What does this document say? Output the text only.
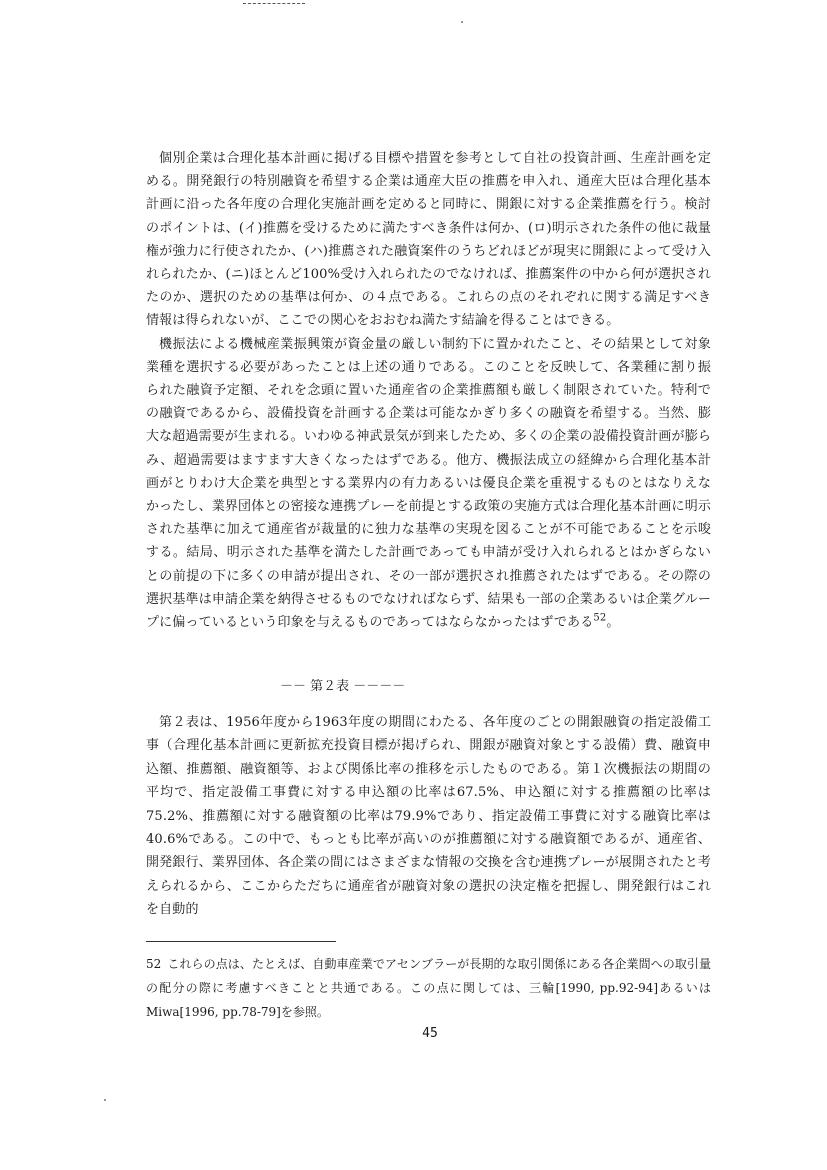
個別企業は合理化基本計画に掲げる目標や措置を参考として自社の投資計画、生産計画を定める。開発銀行の特別融資を希望する企業は通産大臣の推薦を申入れ、通産大臣は合理化基本計画に沿った各年度の合理化実施計画を定めると同時に、開銀に対する企業推薦を行う。検討のポイントは、(イ)推薦を受けるために満たすべき条件は何か、(ロ)明示された条件の他に裁量権が強力に行使されたか、(ハ)推薦された融資案件のうちどれほどが現実に開銀によって受け入れられたか、(ニ)ほとんど100%受け入れられたのでなければ、推薦案件の中から何が選択されたのか、選択のための基準は何か、の４点である。これらの点のそれぞれに関する満足すべき情報は得られないが、ここでの関心をおおむね満たす結論を得ることはできる。

機振法による機械産業振興策が資金量の厳しい制約下に置かれたこと、その結果として対象業種を選択する必要があったことは上述の通りである。このことを反映して、各業種に割り振られた融資予定額、それを念頭に置いた通産省の企業推薦額も厳しく制限されていた。特利での融資であるから、設備投資を計画する企業は可能なかぎり多くの融資を希望する。当然、膨大な超過需要が生まれる。いわゆる神武景気が到来したため、多くの企業の設備投資計画が膨らみ、超過需要はますます大きくなったはずである。他方、機振法成立の経緯から合理化基本計画がとりわけ大企業を典型とする業界内の有力あるいは優良企業を重視するものとはなりえなかったし、業界団体との密接な連携プレーを前提とする政策の実施方式は合理化基本計画に明示された基準に加えて通産省が裁量的に独力な基準の実現を図ることが不可能であることを示唆する。結局、明示された基準を満たした計画であっても申請が受け入れられるとはかぎらないとの前提の下に多くの申請が提出され、その一部が選択され推薦されたはずである。その際の選択基準は申請企業を納得させるものでなければならず、結果も一部の企業あるいは企業グループに偏っているという印象を与えるものであってはならなかったはずである$^{52}$。

－－ 第２表 －－－－

第２表は、1956年度から1963年度の期間にわたる、各年度のごとの開銀融資の指定設備工事（合理化基本計画に更新拡充投資目標が掲げられ、開銀が融資対象とする設備）費、融資申込額、推薦額、融資額等、および関係比率の推移を示したものである。第１次機振法の期間の平均で、指定設備工事費に対する申込額の比率は67.5%、申込額に対する推薦額の比率は75.2%、推薦額に対する融資額の比率は79.9%であり、指定設備工事費に対する融資比率は40.6%である。この中で、もっとも比率が高いのが推薦額に対する融資額であるが、通産省、開発銀行、業界団体、各企業の間にはさまざまな情報の交換を含む連携プレーが展開されたと考えられるから、ここからただちに通産省が融資対象の選択の決定権を把握し、開発銀行はこれを自動的

52 これらの点は、たとえば、自動車産業でアセンブラーが長期的な取引関係にある各企業間への取引量の配分の際に考慮すべきことと共通である。この点に関しては、三輪[1990, pp.92-94]あるいはMiwa[1996, pp.78-79]を参照。

45
